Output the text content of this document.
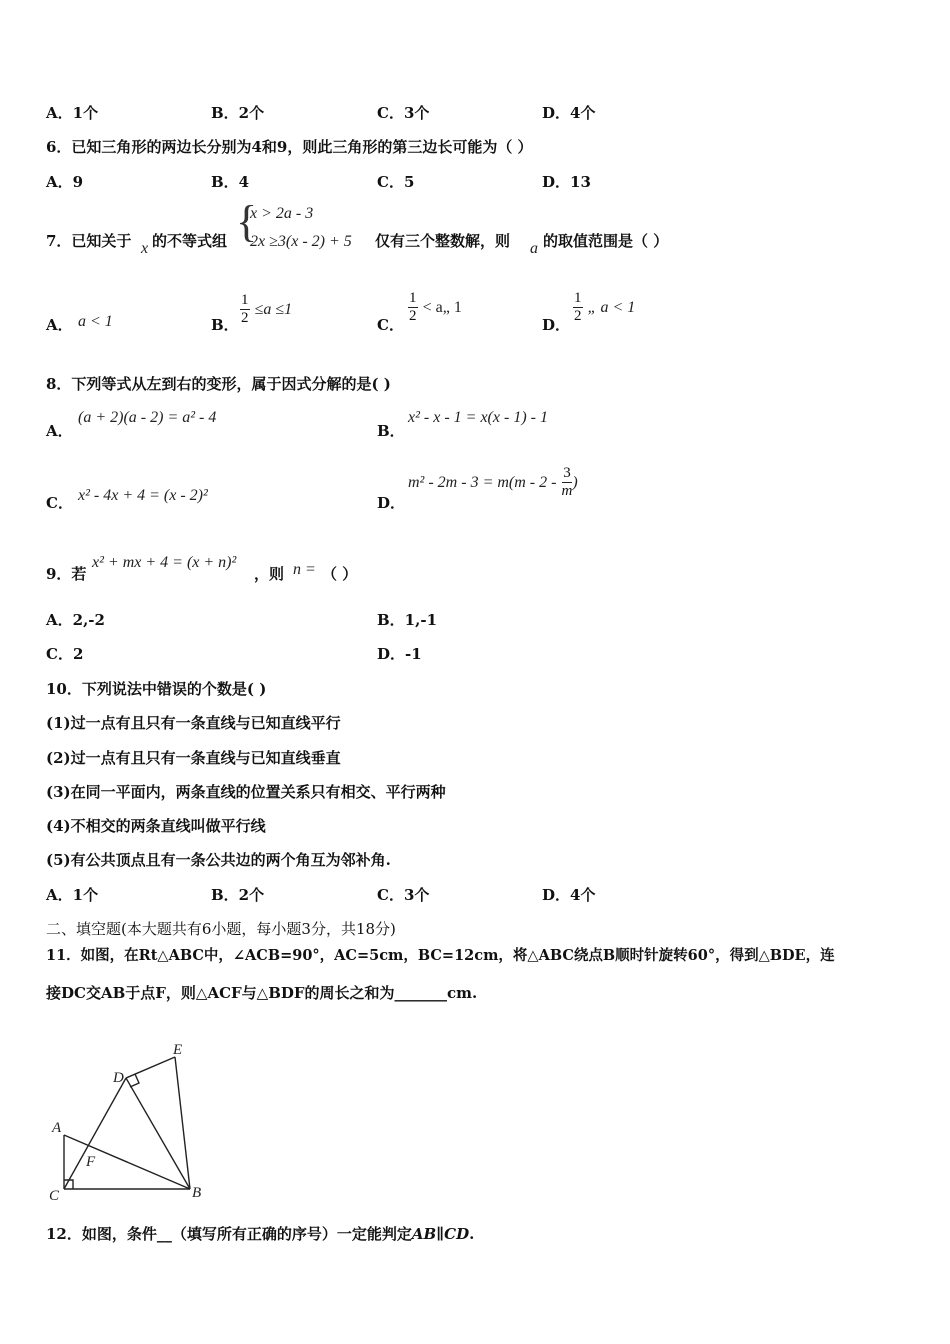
A．1个	B．2个	C．3个	D．4个
6．已知三角形的两边长分别为4和9，则此三角形的第三边长可能为（ ）
A．9	B．4	C．5	D．13
7．已知关于 x 的不等式组 {
x > 2a - 3
2x ≥3(x - 2) + 5 仅有三个整数解，则 a 的取值范围是（ ）
A． a < 1	B． $\frac{1}{2} \le a \le 1$
C． $\frac{1}{2}$ < a„ 1
D． $\frac{1}{2}$ „ a < 1
8．下列等式从左到右的变形，属于因式分解的是( )
A．
(a + 2)(a - 2) = a² - 4
B．
x² - x - 1 = x(x - 1) - 1
C． x² - 4x + 4 = (x - 2)²	D．
$m^2 - 2m - 3 = m(m - 2 - \frac{3}{m}$ )
9．若
x² + mx + 4 = (x + n)²
，则 n = （ ）
A．2,-2	B．1,-1
C．2	D．-1
10．下列说法中错误的个数是( )
(1)过一点有且只有一条直线与已知直线平行
(2)过一点有且只有一条直线与已知直线垂直
(3)在同一平面内，两条直线的位置关系只有相交、平行两种
(4)不相交的两条直线叫做平行线
(5)有公共顶点且有一条公共边的两个角互为邻补角.
A．1个	B．2个	C．3个	D．4个
二、填空题(本大题共有6小题，每小题3分，共18分)
11．如图，在Rt△ABC中，∠ACB=90°，AC=5cm，BC=12cm，将△ABC绕点B顺时针旋转60°，得到△BDE，连
接DC交AB于点F，则△ACF与△BDF的周长之和为_______cm.
A
C	B
D
E
F
12．如图，条件__（填写所有正确的序号）一定能判定AB∥CD.
